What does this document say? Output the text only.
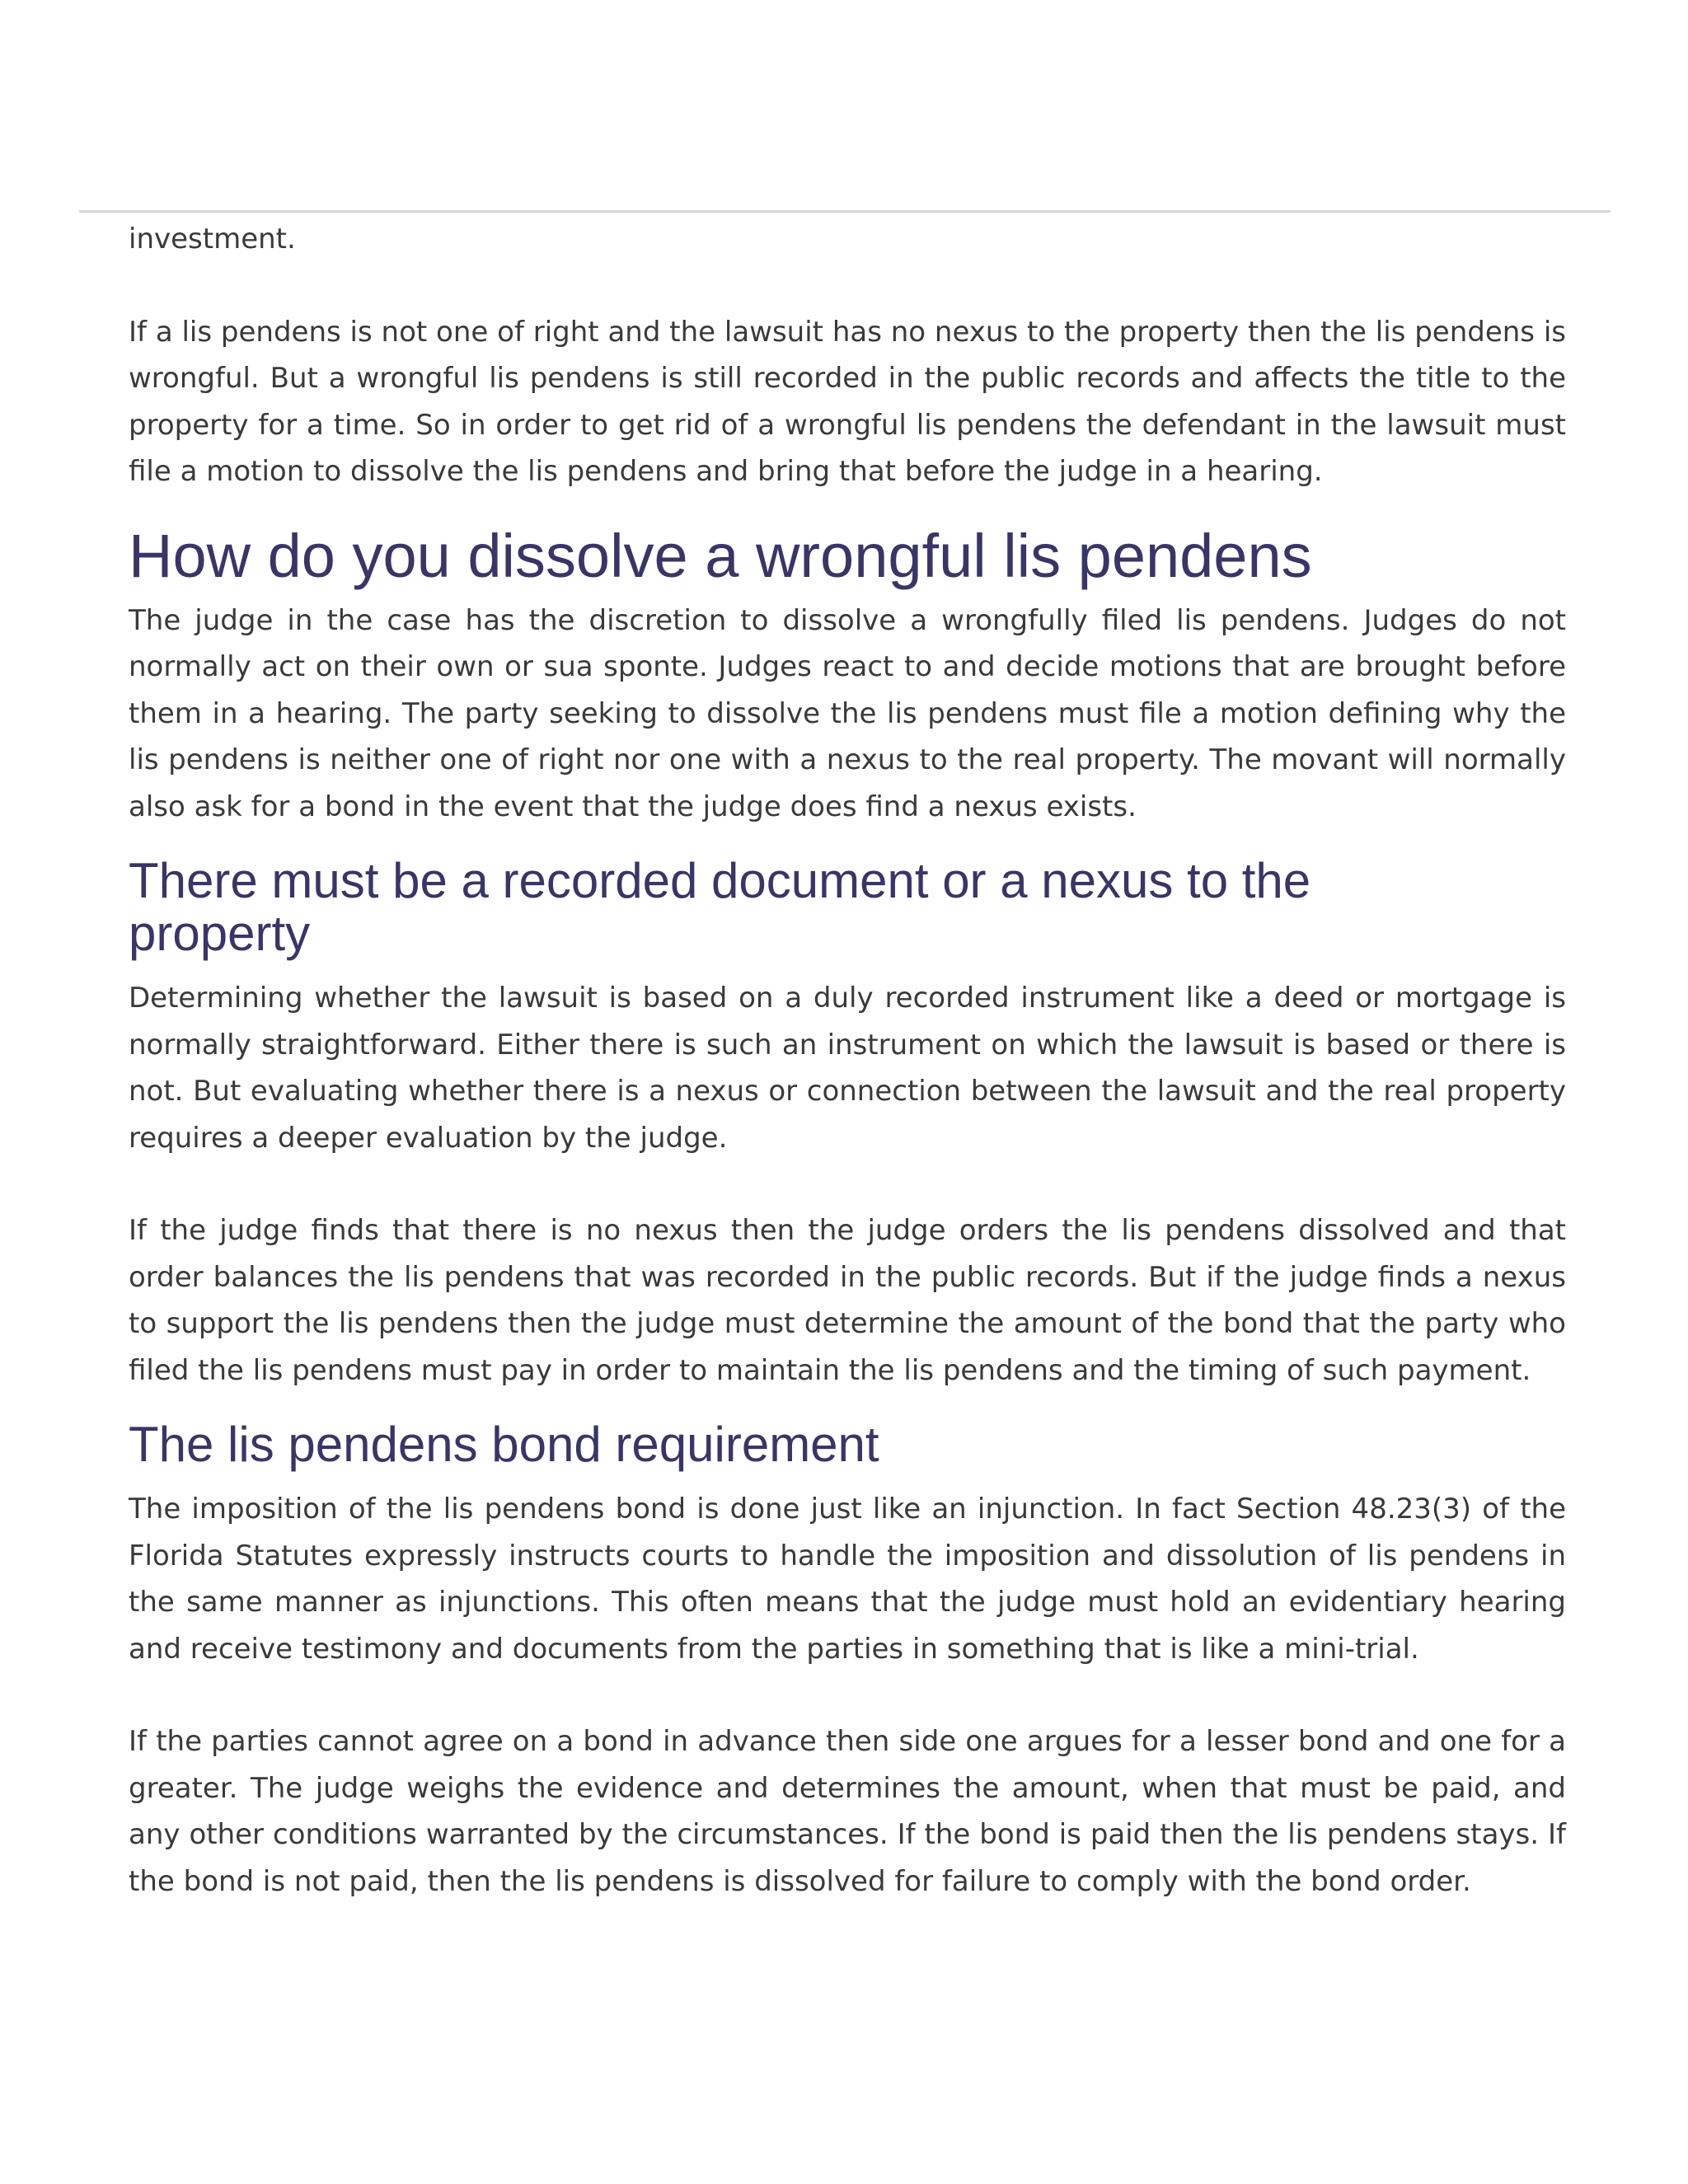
investment.

If a lis pendens is not one of right and the lawsuit has no nexus to the property then the lis pendens is wrongful. But a wrongful lis pendens is still recorded in the public records and affects the title to the property for a time. So in order to get rid of a wrongful lis pendens the defendant in the lawsuit must file a motion to dissolve the lis pendens and bring that before the judge in a hearing.

How do you dissolve a wrongful lis pendens

The judge in the case has the discretion to dissolve a wrongfully filed lis pendens. Judges do not normally act on their own or sua sponte. Judges react to and decide motions that are brought before them in a hearing. The party seeking to dissolve the lis pendens must file a motion defining why the lis pendens is neither one of right nor one with a nexus to the real property. The movant will normally also ask for a bond in the event that the judge does find a nexus exists.

There must be a recorded document or a nexus to the property

Determining whether the lawsuit is based on a duly recorded instrument like a deed or mortgage is normally straightforward. Either there is such an instrument on which the lawsuit is based or there is not. But evaluating whether there is a nexus or connection between the lawsuit and the real property requires a deeper evaluation by the judge.

If the judge finds that there is no nexus then the judge orders the lis pendens dissolved and that order balances the lis pendens that was recorded in the public records. But if the judge finds a nexus to support the lis pendens then the judge must determine the amount of the bond that the party who filed the lis pendens must pay in order to maintain the lis pendens and the timing of such payment.

The lis pendens bond requirement

The imposition of the lis pendens bond is done just like an injunction. In fact Section 48.23(3) of the Florida Statutes expressly instructs courts to handle the imposition and dissolution of lis pendens in the same manner as injunctions. This often means that the judge must hold an evidentiary hearing and receive testimony and documents from the parties in something that is like a mini-trial.

If the parties cannot agree on a bond in advance then side one argues for a lesser bond and one for a greater. The judge weighs the evidence and determines the amount, when that must be paid, and any other conditions warranted by the circumstances. If the bond is paid then the lis pendens stays. If the bond is not paid, then the lis pendens is dissolved for failure to comply with the bond order.
